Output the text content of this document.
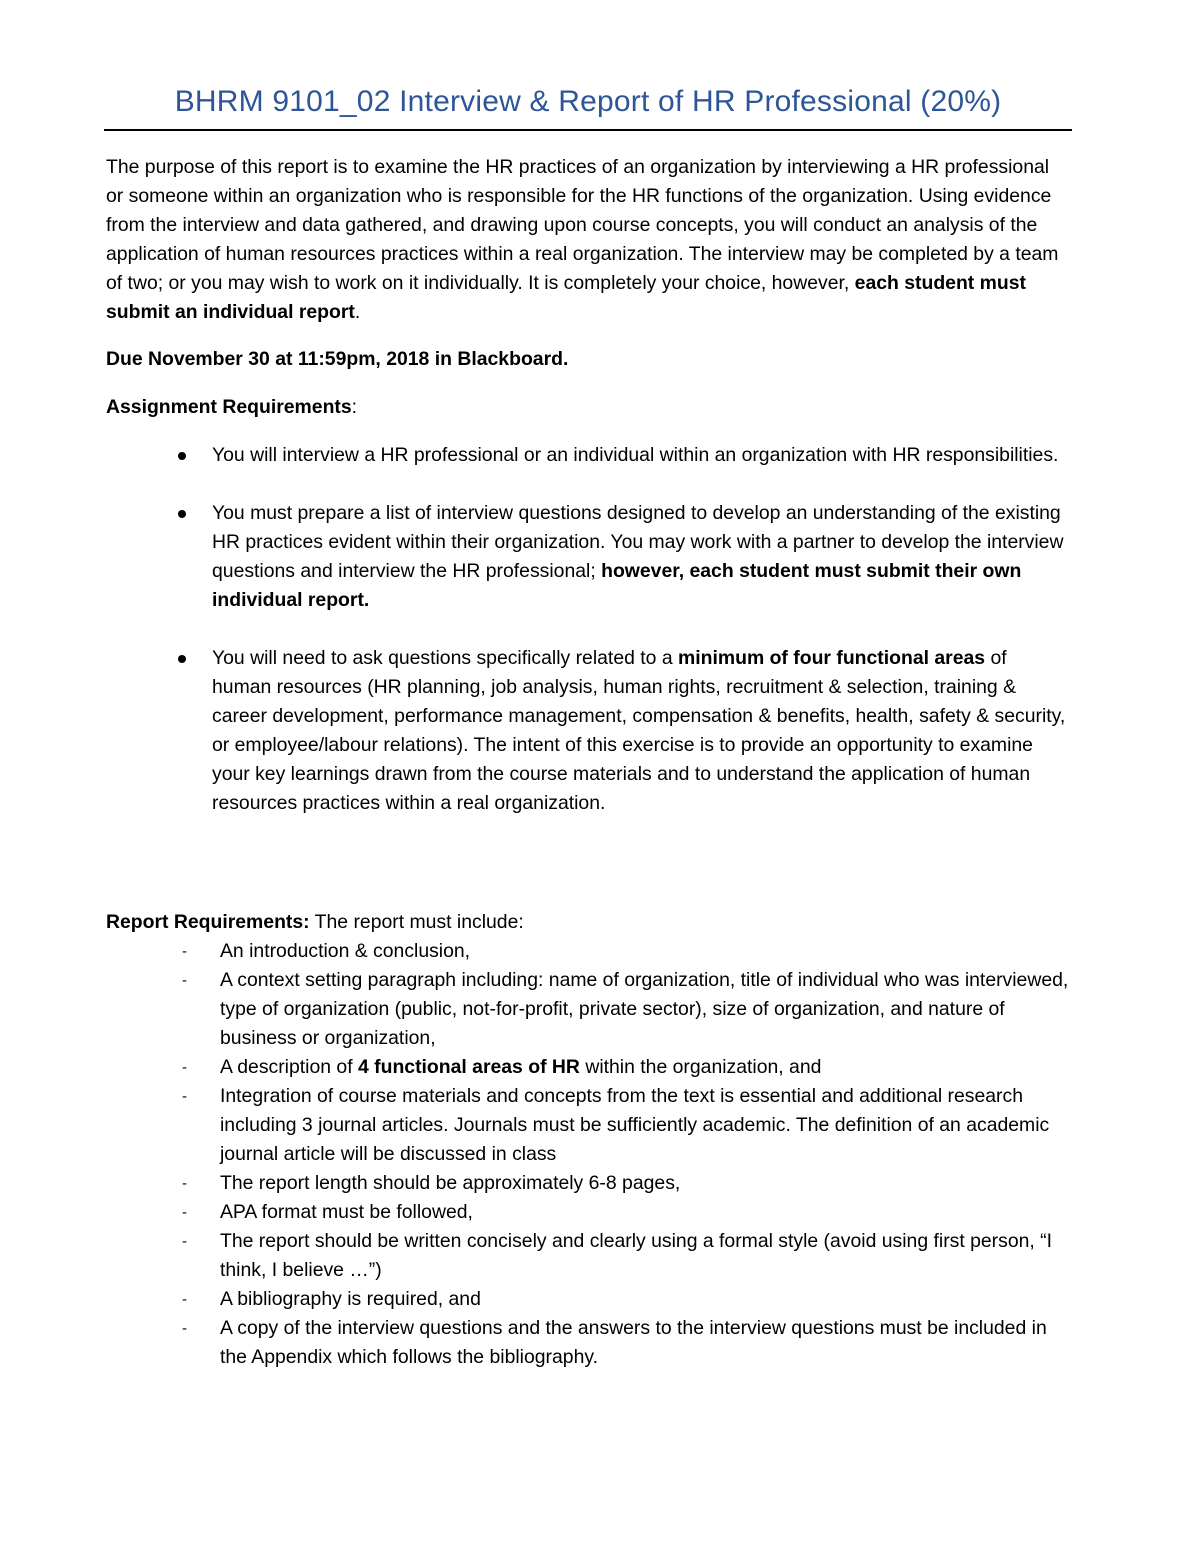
BHRM 9101_02 Interview & Report of HR Professional (20%)

The purpose of this report is to examine the HR practices of an organization by interviewing a HR professional or someone within an organization who is responsible for the HR functions of the organization. Using evidence from the interview and data gathered, and drawing upon course concepts, you will conduct an analysis of the application of human resources practices within a real organization. The interview may be completed by a team of two; or you may wish to work on it individually. It is completely your choice, however, each student must submit an individual report.

Due November 30 at 11:59pm, 2018 in Blackboard.

Assignment Requirements:

You will interview a HR professional or an individual within an organization with HR responsibilities.
You must prepare a list of interview questions designed to develop an understanding of the existing HR practices evident within their organization. You may work with a partner to develop the interview questions and interview the HR professional; however, each student must submit their own individual report.
You will need to ask questions specifically related to a minimum of four functional areas of human resources (HR planning, job analysis, human rights, recruitment & selection, training & career development, performance management, compensation & benefits, health, safety & security, or employee/labour relations). The intent of this exercise is to provide an opportunity to examine your key learnings drawn from the course materials and to understand the application of human resources practices within a real organization.

Report Requirements: The report must include:

- An introduction & conclusion,
- A context setting paragraph including: name of organization, title of individual who was interviewed, type of organization (public, not-for-profit, private sector), size of organization, and nature of business or organization,
- A description of 4 functional areas of HR within the organization, and
- Integration of course materials and concepts from the text is essential and additional research including 3 journal articles. Journals must be sufficiently academic. The definition of an academic journal article will be discussed in class
- The report length should be approximately 6-8 pages,
- APA format must be followed,
- The report should be written concisely and clearly using a formal style (avoid using first person, “I think, I believe …”)
- A bibliography is required, and
- A copy of the interview questions and the answers to the interview questions must be included in the Appendix which follows the bibliography.
